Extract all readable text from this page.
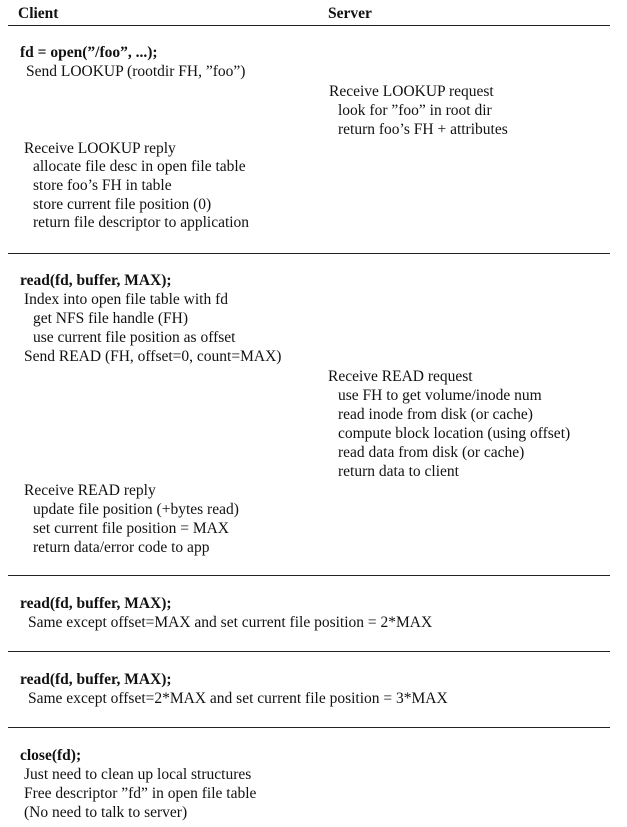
Client	Server
fd = open(”/foo”, ...);
Send LOOKUP (rootdir FH, ”foo”)
Receive LOOKUP request
look for ”foo” in root dir
return foo’s FH + attributes
Receive LOOKUP reply
allocate file desc in open file table
store foo’s FH in table
store current file position (0)
return file descriptor to application
read(fd, buffer, MAX);
Index into open file table with fd
get NFS file handle (FH)
use current file position as offset
Send READ (FH, offset=0, count=MAX)
Receive READ request
use FH to get volume/inode num
read inode from disk (or cache)
compute block location (using offset)
read data from disk (or cache)
return data to client
Receive READ reply
update file position (+bytes read)
set current file position = MAX
return data/error code to app
read(fd, buffer, MAX);
Same except offset=MAX and set current file position = 2*MAX
read(fd, buffer, MAX);
Same except offset=2*MAX and set current file position = 3*MAX
close(fd);
Just need to clean up local structures
Free descriptor ”fd” in open file table
(No need to talk to server)
